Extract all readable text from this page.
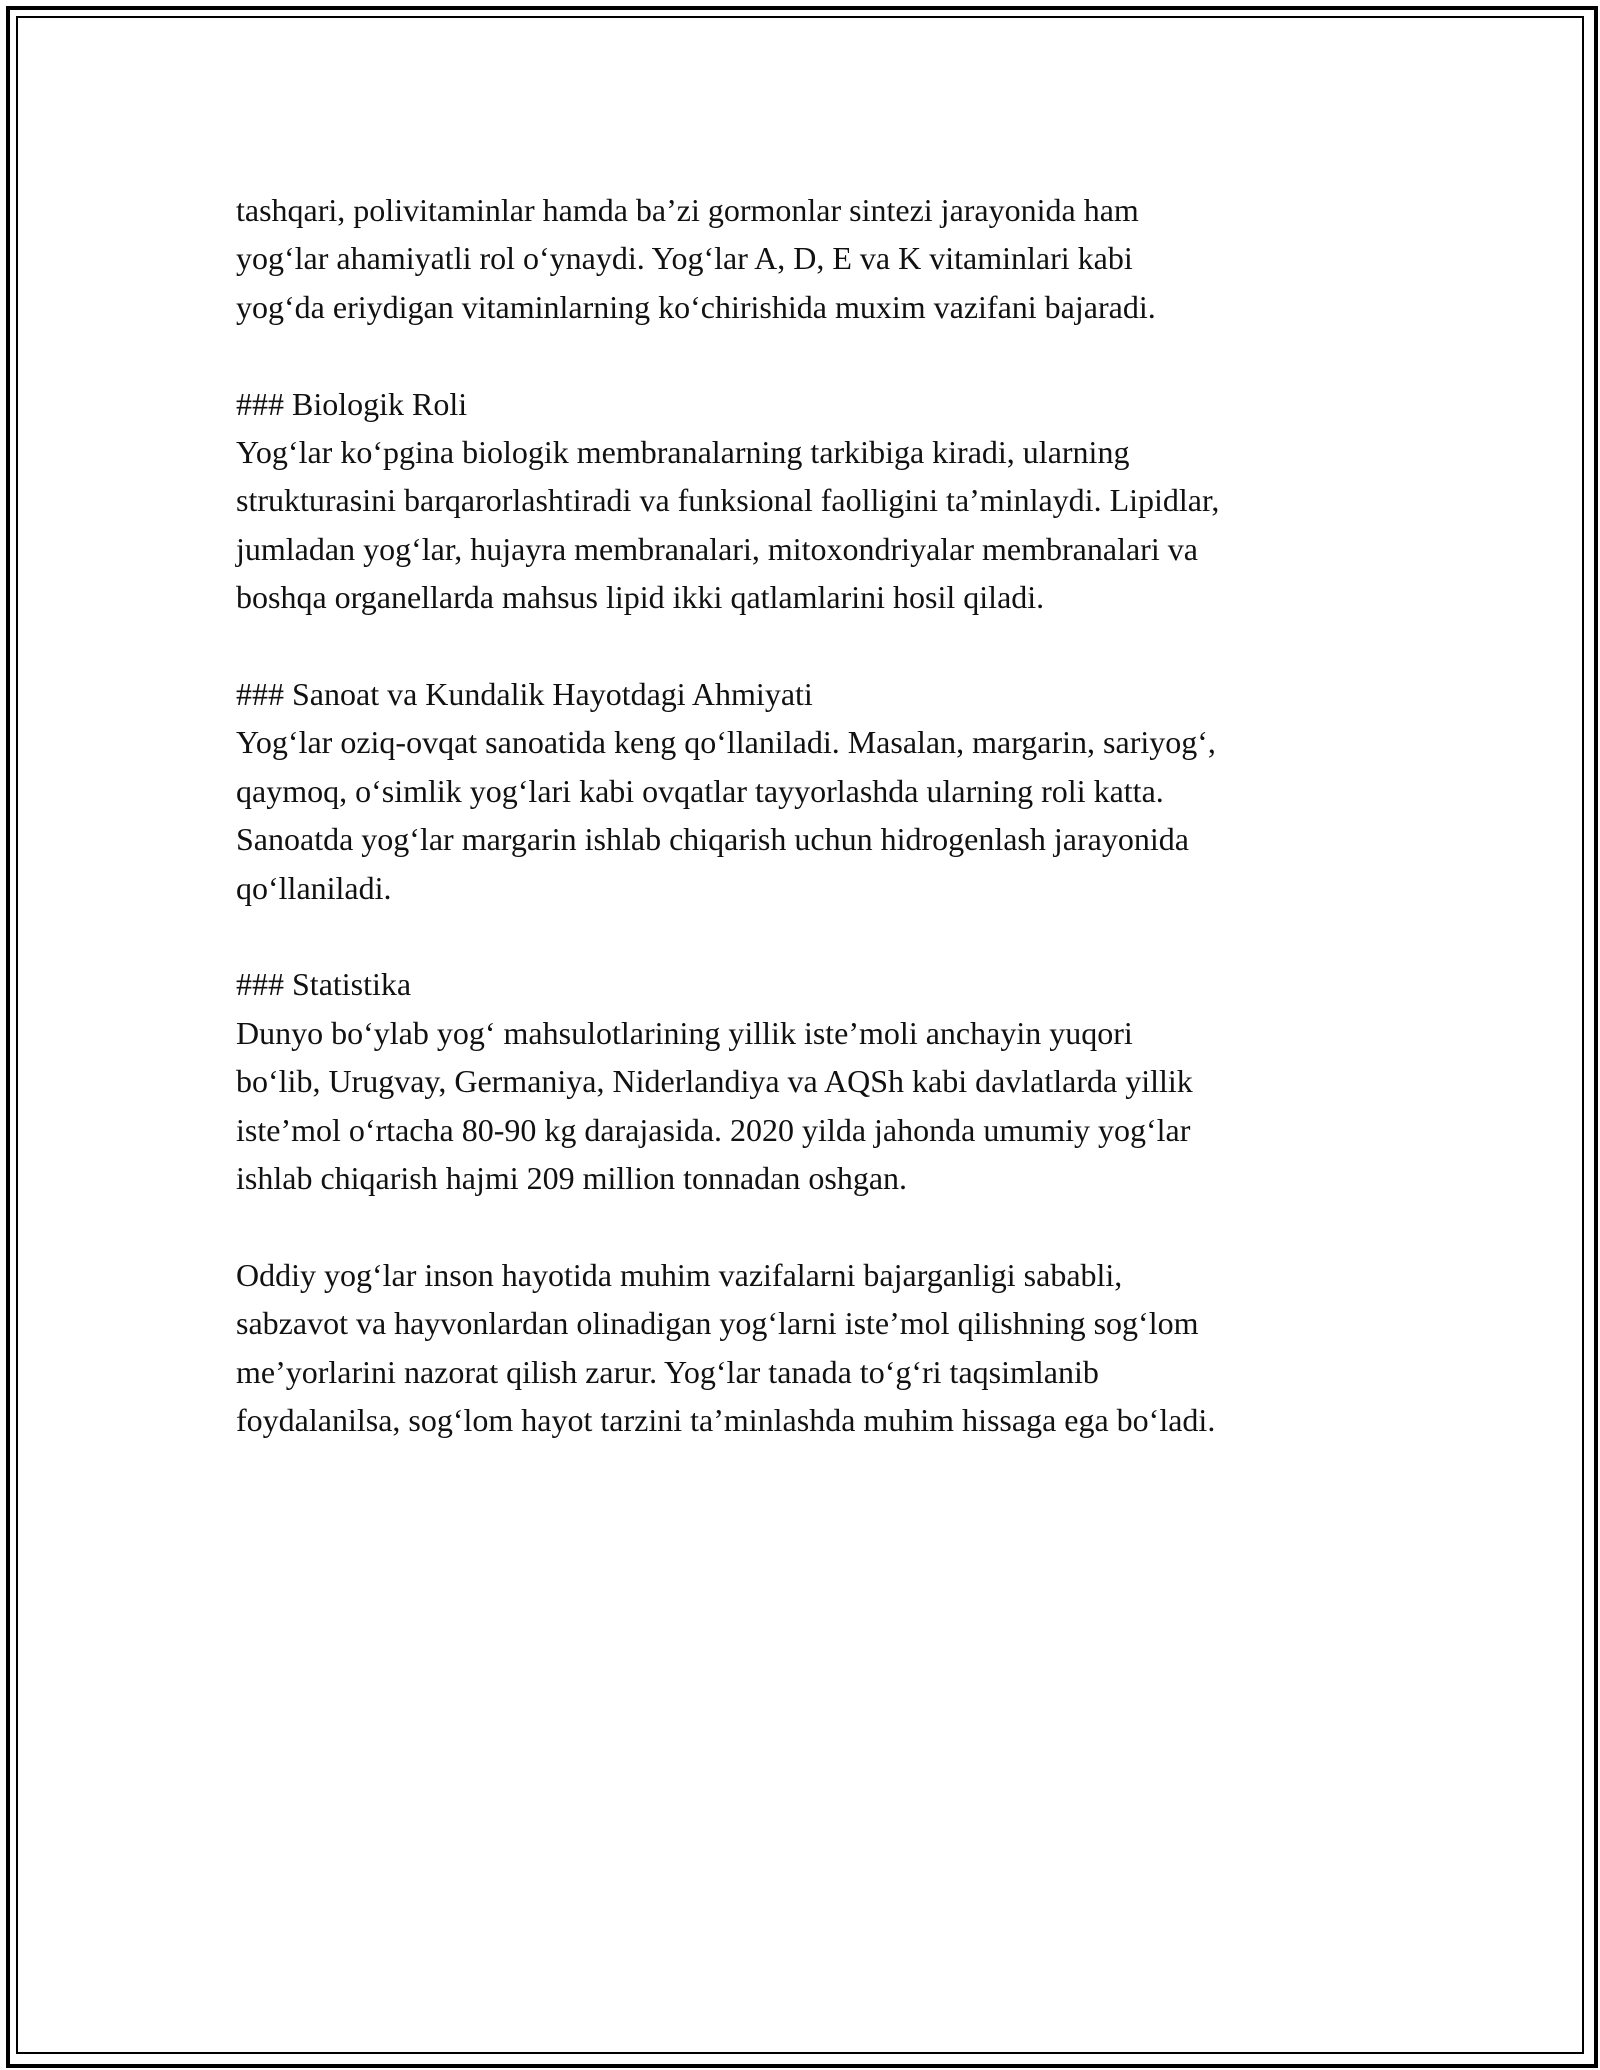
tashqari, polivitaminlar hamda ba’zi gormonlar sintezi jarayonida ham
yog‘lar ahamiyatli rol o‘ynaydi. Yog‘lar A, D, E va K vitaminlari kabi
yog‘da eriydigan vitaminlarning ko‘chirishida muxim vazifani bajaradi.
### Biologik Roli
Yog‘lar ko‘pgina biologik membranalarning tarkibiga kiradi, ularning
strukturasini barqarorlashtiradi va funksional faolligini ta’minlaydi. Lipidlar,
jumladan yog‘lar, hujayra membranalari, mitoxondriyalar membranalari va
boshqa organellarda mahsus lipid ikki qatlamlarini hosil qiladi.
### Sanoat va Kundalik Hayotdagi Ahmiyati
Yog‘lar oziq-ovqat sanoatida keng qo‘llaniladi. Masalan, margarin, sariyog‘,
qaymoq, o‘simlik yog‘lari kabi ovqatlar tayyorlashda ularning roli katta.
Sanoatda yog‘lar margarin ishlab chiqarish uchun hidrogenlash jarayonida
qo‘llaniladi.
### Statistika
Dunyo bo‘ylab yog‘ mahsulotlarining yillik iste’moli anchayin yuqori
bo‘lib, Urugvay, Germaniya, Niderlandiya va AQSh kabi davlatlarda yillik
iste’mol o‘rtacha 80-90 kg darajasida. 2020 yilda jahonda umumiy yog‘lar
ishlab chiqarish hajmi 209 million tonnadan oshgan.
Oddiy yog‘lar inson hayotida muhim vazifalarni bajarganligi sababli,
sabzavot va hayvonlardan olinadigan yog‘larni iste’mol qilishning sog‘lom
me’yorlarini nazorat qilish zarur. Yog‘lar tanada to‘g‘ri taqsimlanib
foydalanilsa, sog‘lom hayot tarzini ta’minlashda muhim hissaga ega bo‘ladi.
